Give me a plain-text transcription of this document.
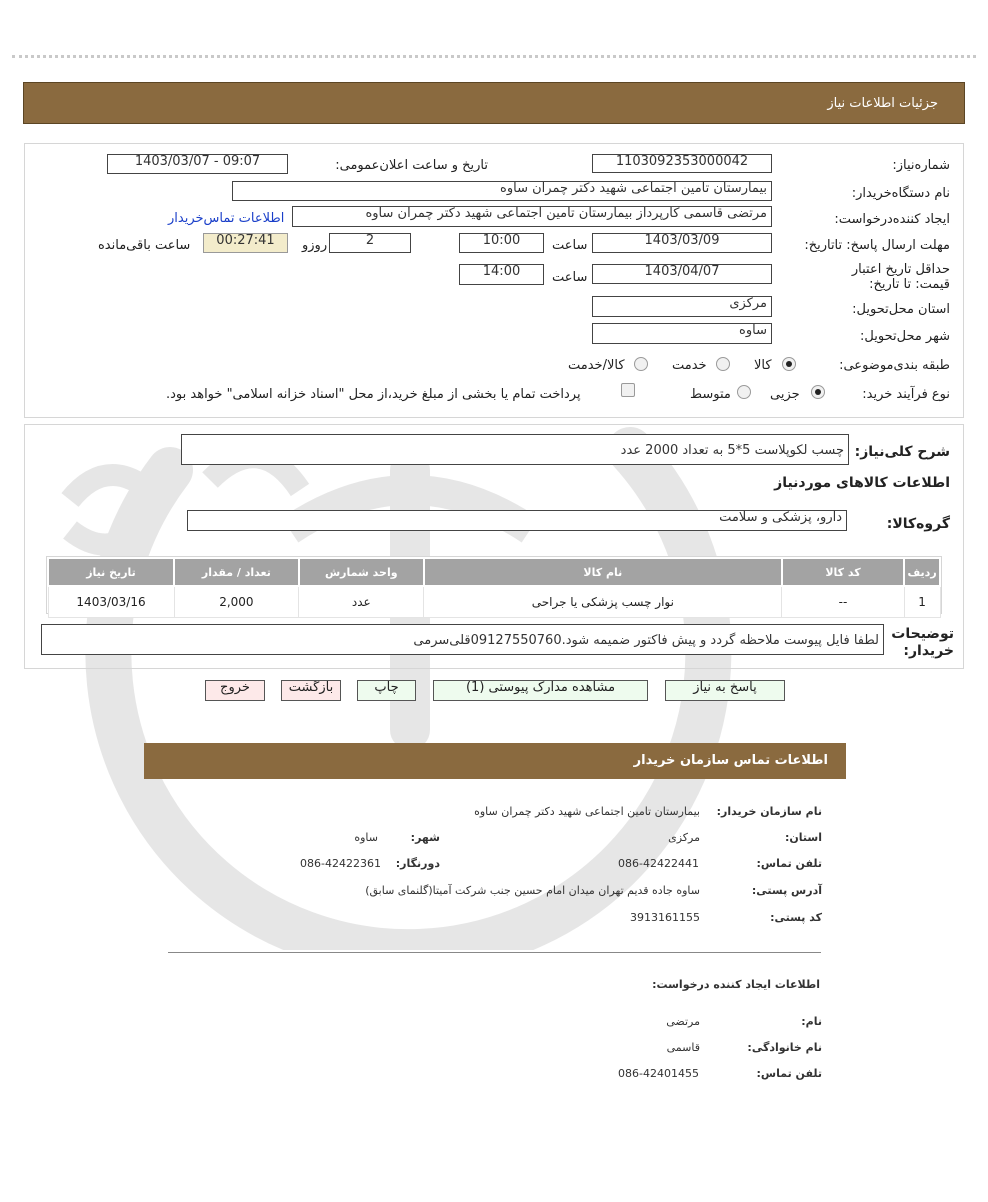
جزئیات اطلاعات نیاز
شماره‌نیاز:
1103092353000042
تاریخ و ساعت اعلان‌عمومی:
1403/03/07 - 09:07
نام دستگاه‌خریدار:
بیمارستان تامین اجتماعی شهید دکتر چمران ساوه
ایجاد کننده‌درخواست:
مرتضی قاسمی کارپرداز بیمارستان تامین اجتماعی شهید دکتر چمران ساوه
اطلاعات تماس‌خریدار
مهلت ارسال پاسخ: تاتاریخ:
1403/03/09
ساعت
10:00
2
روزو
00:27:41
ساعت باقی‌مانده
حداقل تاریخ اعتبار قیمت: تا تاریخ:
1403/04/07
ساعت
14:00
استان محل‌تحویل:
مرکزی
شهر محل‌تحویل:
ساوه
طبقه بندی‌موضوعی:
کالا
خدمت
کالا/خدمت
نوع فرآیند خرید:
جزیی
متوسط
پرداخت تمام یا بخشی از مبلغ خرید،از محل "اسناد خزانه اسلامی" خواهد بود.
شرح کلی‌نیاز:
چسب لکوپلاست 5*5 به تعداد 2000 عدد
اطلاعات کالاهای موردنیاز
گروه‌کالا:
دارو، پزشکی و سلامت
ردیف	کد کالا	نام کالا	واحد شمارش	تعداد / مقدار	تاریخ نیاز
1	--	نوار چسب پزشکی یا جراحی	عدد	2,000	1403/03/16
توضیحات خریدار:
لطفا فایل پیوست ملاحظه گردد و پیش فاکتور ضمیمه شود.09127550760قلی‌سرمی
پاسخ به نیاز
مشاهده مدارک پیوستی (1)
چاپ
بازگشت
خروج
اطلاعات تماس سازمان خریدار
نام سازمان خریدار:
بیمارستان تامین اجتماعی شهید دکتر چمران ساوه
استان:
مرکزی
شهر:
ساوه
تلفن تماس:
086-42422441
دورنگار:
086-42422361
آدرس پستی:
ساوه جاده قدیم تهران میدان امام حسین جنب شرکت آمیتا(گلنمای سابق)
کد پستی:
3913161155
اطلاعات ایجاد کننده درخواست:
نام:
مرتضی
نام خانوادگی:
قاسمی
تلفن تماس:
086-42401455
